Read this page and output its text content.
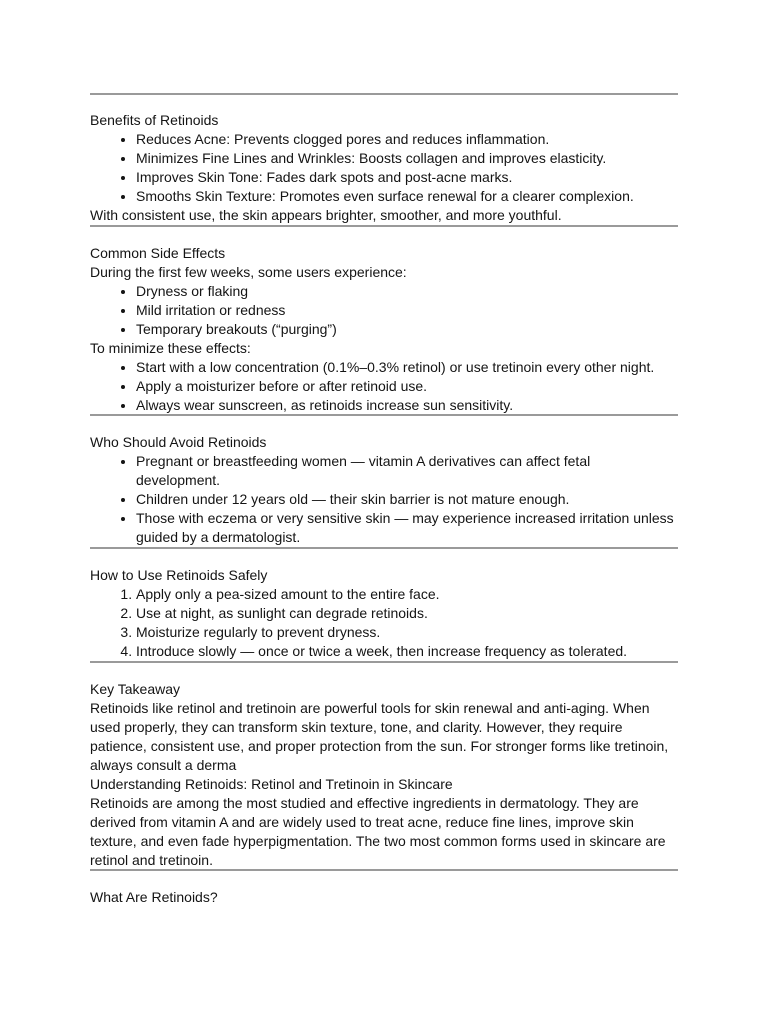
Benefits of Retinoids

• Reduces Acne: Prevents clogged pores and reduces inflammation.
• Minimizes Fine Lines and Wrinkles: Boosts collagen and improves elasticity.
• Improves Skin Tone: Fades dark spots and post-acne marks.
• Smooths Skin Texture: Promotes even surface renewal for a clearer complexion.

With consistent use, the skin appears brighter, smoother, and more youthful.

Common Side Effects

During the first few weeks, some users experience:

• Dryness or flaking
• Mild irritation or redness
• Temporary breakouts (“purging”)

To minimize these effects:

• Start with a low concentration (0.1%–0.3% retinol) or use tretinoin every other night.
• Apply a moisturizer before or after retinoid use.
• Always wear sunscreen, as retinoids increase sun sensitivity.

Who Should Avoid Retinoids

• Pregnant or breastfeeding women — vitamin A derivatives can affect fetal development.
• Children under 12 years old — their skin barrier is not mature enough.
• Those with eczema or very sensitive skin — may experience increased irritation unless guided by a dermatologist.

How to Use Retinoids Safely

1. Apply only a pea-sized amount to the entire face.
2. Use at night, as sunlight can degrade retinoids.
3. Moisturize regularly to prevent dryness.
4. Introduce slowly — once or twice a week, then increase frequency as tolerated.

Key Takeaway

Retinoids like retinol and tretinoin are powerful tools for skin renewal and anti-aging. When used properly, they can transform skin texture, tone, and clarity. However, they require patience, consistent use, and proper protection from the sun. For stronger forms like tretinoin, always consult a derma

Understanding Retinoids: Retinol and Tretinoin in Skincare

Retinoids are among the most studied and effective ingredients in dermatology. They are derived from vitamin A and are widely used to treat acne, reduce fine lines, improve skin texture, and even fade hyperpigmentation. The two most common forms used in skincare are retinol and tretinoin.

What Are Retinoids?
